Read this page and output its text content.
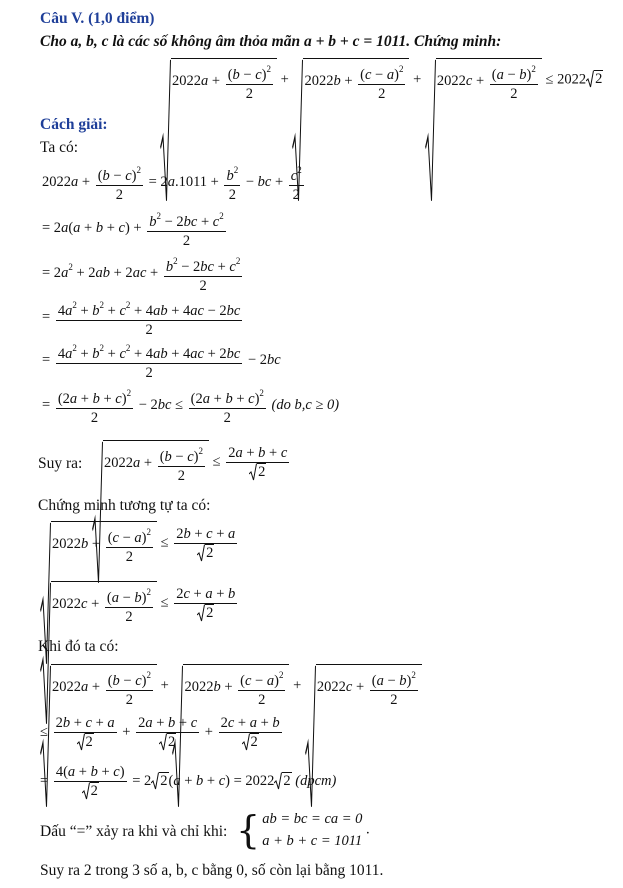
Câu V. (1,0 điểm)
Cho a, b, c là các số không âm thỏa mãn a + b + c = 1011. Chứng minh:
$2022a + \frac{(b - c)^2}{2}$ +
$2022b + \frac{(c - a)^2}{2}$ +
$2022c + \frac{(a - b)^2}{2} \le 2022$ 2
Cách giải:
Ta có:
$2022a + \frac{(b - c)^2}{2} = 2a.1011 + \frac{b^2}{2}$ − bc + $\frac{c^2}{2}$
= $2a(a + b + c) + \frac{b^2 - 2bc + c^2}{2}$
= $2a^2 + 2ab + 2ac + \frac{b^2 - 2bc + c^2}{2}$
= $\frac{4a^2 + b^2 + c^2 + 4ab + 4ac - 2bc}{2}$
= $\frac{4a^2 + b^2 + c^2 + 4ab + 4ac + 2bc}{2} - 2bc$
= $\frac{(2a + b + c)^2}{2} - 2bc \le \frac{(2a + b + c)^2}{2} (do$ b,c ≥ 0)
Suy ra:	$2022a + \frac{(b - c)^2}{2} \le \frac{2a + b + c}{2}$
Chứng minh tương tự ta có:
$2022b + \frac{(c - a)^2}{2} \le \frac{2b + c + a}{2}$
$2022c + \frac{(a - b)^2}{2} \le \frac{2c + a + b}{2}$
Khi đó ta có:
$2022a + \frac{(b - c)^2}{2}$ +
$2022b + \frac{(c - a)^2}{2}$ +
$2022c + \frac{(a - b)^2}{2}$
≤ $\frac{2b + c + a}{2} + \frac{2a + b + c}{2} + \frac{2c + a + b}{2}$
= $\frac{4(a + b + c)}{2} = 2$ 2(a + b + c) = 2022 2 (dpcm)
Dấu “=” xảy ra khi và chỉ khi: { ab = bc = ca = 0
a + b + c = 1011 .
Suy ra 2 trong 3 số a, b, c bằng 0, số còn lại bằng 1011.
